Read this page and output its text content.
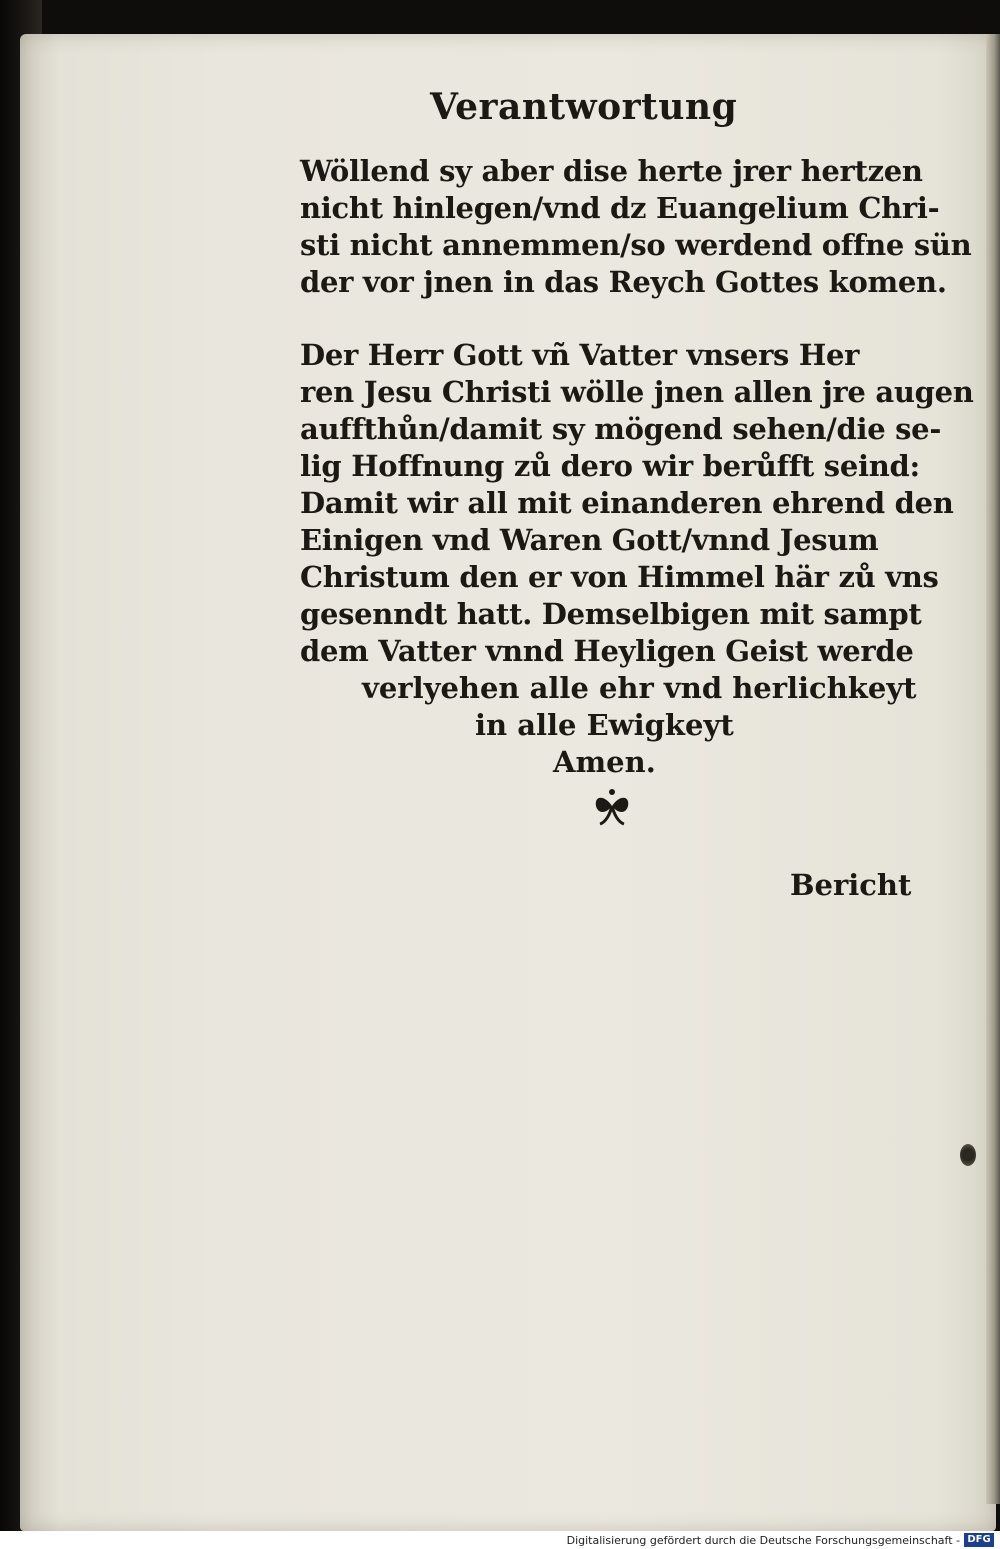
Verantwortung
Wöllend sy aber dise herte jrer hertzen
nicht hinlegen/vnd dz Euangelium Chri-
sti nicht annemmen/so werdend offne sün
der vor jnen in das Reych Gottes komen.
Der Herr Gott vñ Vatter vnsers Her
ren Jesu Christi wölle jnen allen jre augen
auffthůn/damit sy mögend sehen/die se-
lig Hoffnung zů dero wir berůfft seind:
Damit wir all mit einanderen ehrend den
Einigen vnd Waren Gott/vnnd Jesum
Christum den er von Himmel här zů vns
gesenndt hatt. Demselbigen mit sampt
dem Vatter vnnd Heyligen Geist werde
verlyehen alle ehr vnd herlichkeyt
in alle Ewigkeyt
Amen.
Bericht
Digitalisierung gefördert durch die Deutsche Forschungsgemeinschaft - DFG
